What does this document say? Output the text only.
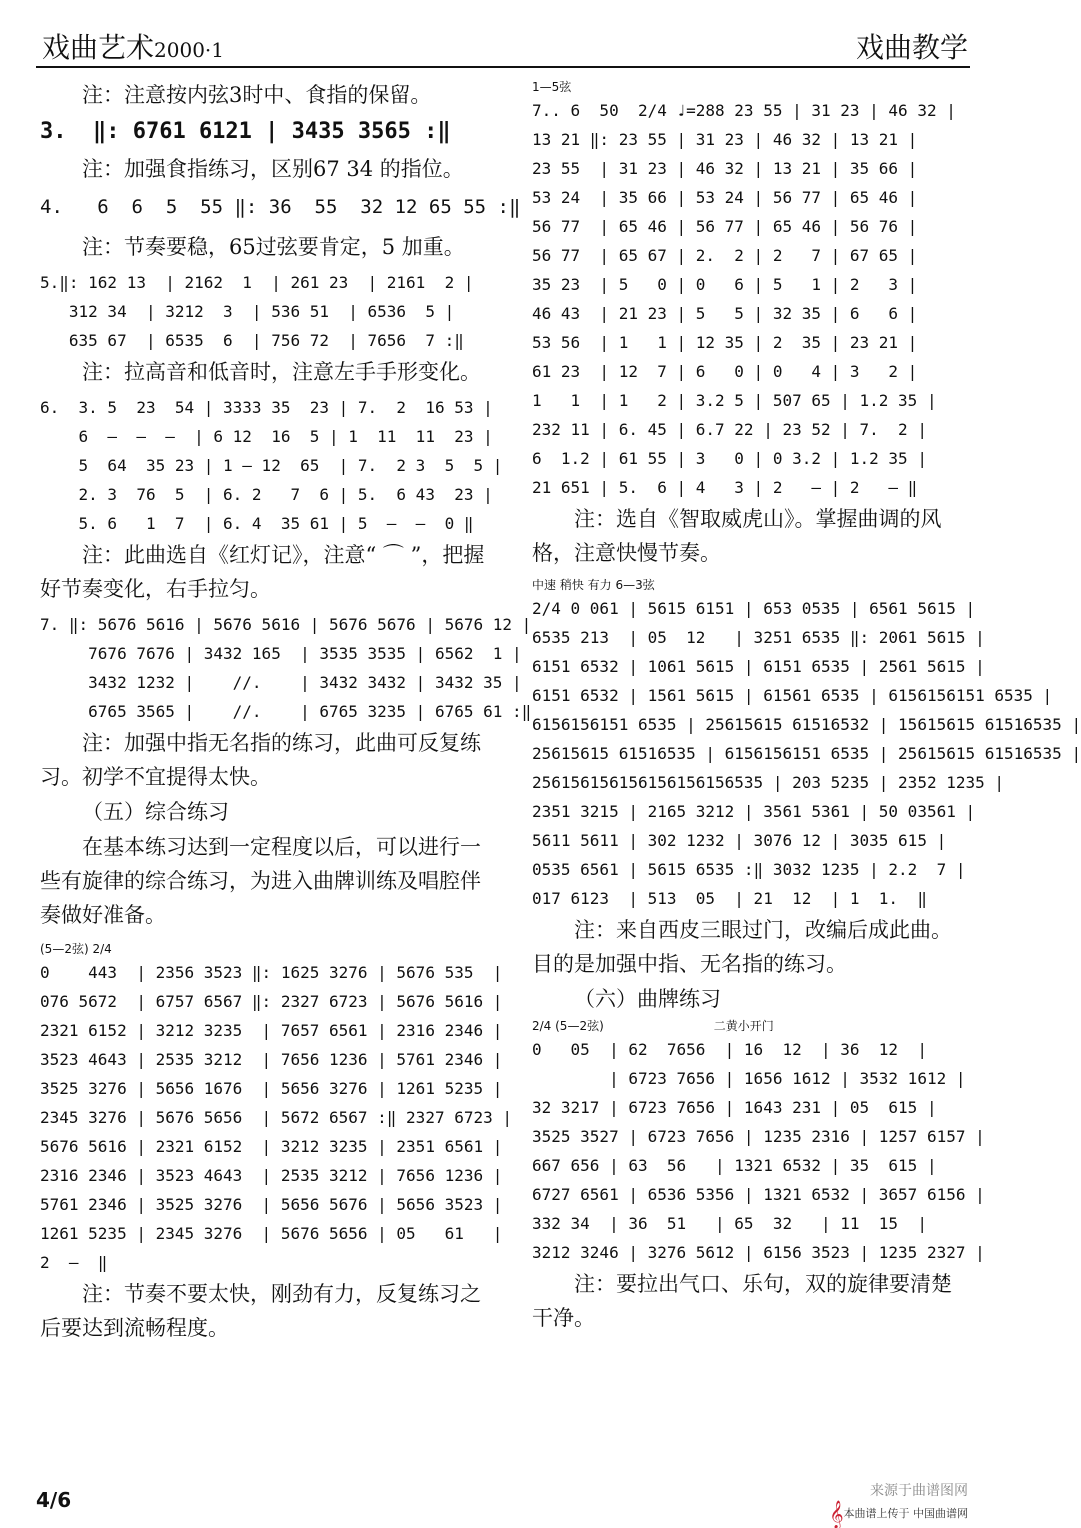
戏曲艺术2000·1	戏曲教学

注：注意按内弦3时中、食指的保留。

3.  ‖: 6761 6121 | 3435 3565 :‖

注：加强食指练习，区别67 34 的指位。

4.   6  6  5  55 ‖: 36  55  32 12 65 55 :‖

注：节奏要稳，65过弦要肯定，5 加重。

5.‖: 162 13  | 2162  1  | 261 23  | 2161  2 |
312 34  | 3212  3  | 536 51  | 6536  5 |
635 67  | 6535  6  | 756 72  | 7656  7 :‖

注：拉高音和低音时，注意左手手形变化。

6.  3. 5  23  54 | 3333 35  23 | 7.  2  16 53 |
6  —  —  —  | 6 12  16  5 | 1  11  11  23 |
5  64  35 23 | 1 — 12  65  | 7.  2 3  5  5 |
2. 3  76  5  | 6. 2   7  6 | 5.  6 43  23 |
5. 6   1  7  | 6. 4  35 61 | 5  —  —  0 ‖

注：此曲选自《红灯记》，注意“ ⌒ ”，把握好节奏变化，右手拉匀。

7. ‖: 5676 5616 | 5676 5616 | 5676 5676 | 5676 12 |
7676 7676 | 3432 165  | 3535 3535 | 6562  1 |
3432 1232 |    //.    | 3432 3432 | 3432 35 |
6765 3565 |    //.    | 6765 3235 | 6765 61 :‖

注：加强中指无名指的练习，此曲可反复练习。初学不宜提得太快。

（五）综合练习

在基本练习达到一定程度以后，可以进行一些有旋律的综合练习，为进入曲牌训练及唱腔伴奏做好准备。

(5—2弦) 2/4
0    443  | 2356 3523 ‖: 1625 3276 | 5676 535  |
076 5672  | 6757 6567 ‖: 2327 6723 | 5676 5616 |
2321 6152 | 3212 3235  | 7657 6561 | 2316 2346 |
3523 4643 | 2535 3212  | 7656 1236 | 5761 2346 |
3525 3276 | 5656 1676  | 5656 3276 | 1261 5235 |
2345 3276 | 5676 5656  | 5672 6567 :‖ 2327 6723 |
5676 5616 | 2321 6152  | 3212 3235 | 2351 6561 |
2316 2346 | 3523 4643  | 2535 3212 | 7656 1236 |
5761 2346 | 3525 3276  | 5656 5676 | 5656 3523 |
1261 5235 | 2345 3276  | 5676 5656 | 05   61   |
2  —  ‖

注：节奏不要太快，刚劲有力，反复练习之后要达到流畅程度。

1—5弦
7.. 6  50  2/4 ♩=288 23 55 | 31 23 | 46 32 |
13 21 ‖: 23 55 | 31 23 | 46 32 | 13 21 |
23 55  | 31 23 | 46 32 | 13 21 | 35 66 |
53 24  | 35 66 | 53 24 | 56 77 | 65 46 |
56 77  | 65 46 | 56 77 | 65 46 | 56 76 |
56 77  | 65 67 | 2.  2 | 2   7 | 67 65 |
35 23  | 5   0 | 0   6 | 5   1 | 2   3 |
46 43  | 21 23 | 5   5 | 32 35 | 6   6 |
53 56  | 1   1 | 12 35 | 2  35 | 23 21 |
61 23  | 12  7 | 6   0 | 0   4 | 3   2 |
1   1  | 1   2 | 3.2 5 | 507 65 | 1.2 35 |
232 11 | 6. 45 | 6.7 22 | 23 52 | 7.  2 |
6  1.2 | 61 55 | 3   0 | 0 3.2 | 1.2 35 |
21 651 | 5.  6 | 4   3 | 2   — | 2   — ‖

注：选自《智取威虎山》。掌握曲调的风格，注意快慢节奏。

中速 稍快 有力 6—3弦
2/4 0 061 | 5615 6151 | 653 0535 | 6561 5615 |
6535 213  | 05  12   | 3251 6535 ‖: 2061 5615 |
6151 6532 | 1061 5615 | 6151 6535 | 2561 5615 |
6151 6532 | 1561 5615 | 61561 6535 | 6156156151 6535 |
6156156151 6535 | 25615615 61516532 | 15615615 61516535 |
25615615 61516535 | 6156156151 6535 | 25615615 61516535 |
256156156156156156156535 | 203 5235 | 2352 1235 |
2351 3215 | 2165 3212 | 3561 5361 | 50 03561 |
5611 5611 | 302 1232 | 3076 12 | 3035 615 |
0535 6561 | 5615 6535 :‖ 3032 1235 | 2.2  7 |
017 6123  | 513  05  | 21  12  | 1  1.  ‖

注：来自西皮三眼过门，改编后成此曲。目的是加强中指、无名指的练习。

（六）曲牌练习

2/4 (5—2弦)	二黄小开门
0   05  | 62  7656  | 16  12  | 36  12  |
| 6723 7656 | 1656 1612 | 3532 1612 |
32 3217 | 6723 7656 | 1643 231 | 05  615 |
3525 3527 | 6723 7656 | 1235 2316 | 1257 6157 |
667 656 | 63  56   | 1321 6532 | 35  615 |
6727 6561 | 6536 5356 | 1321 6532 | 3657 6156 |
332 34  | 36  51   | 65  32   | 11  15  |
3212 3246 | 3276 5612 | 6156 3523 | 1235 2327 |

注：要拉出气口、乐句，双的旋律要清楚干净。

4/6	来源于曲谱图网
𝄞本曲谱上传于 中国曲谱网
